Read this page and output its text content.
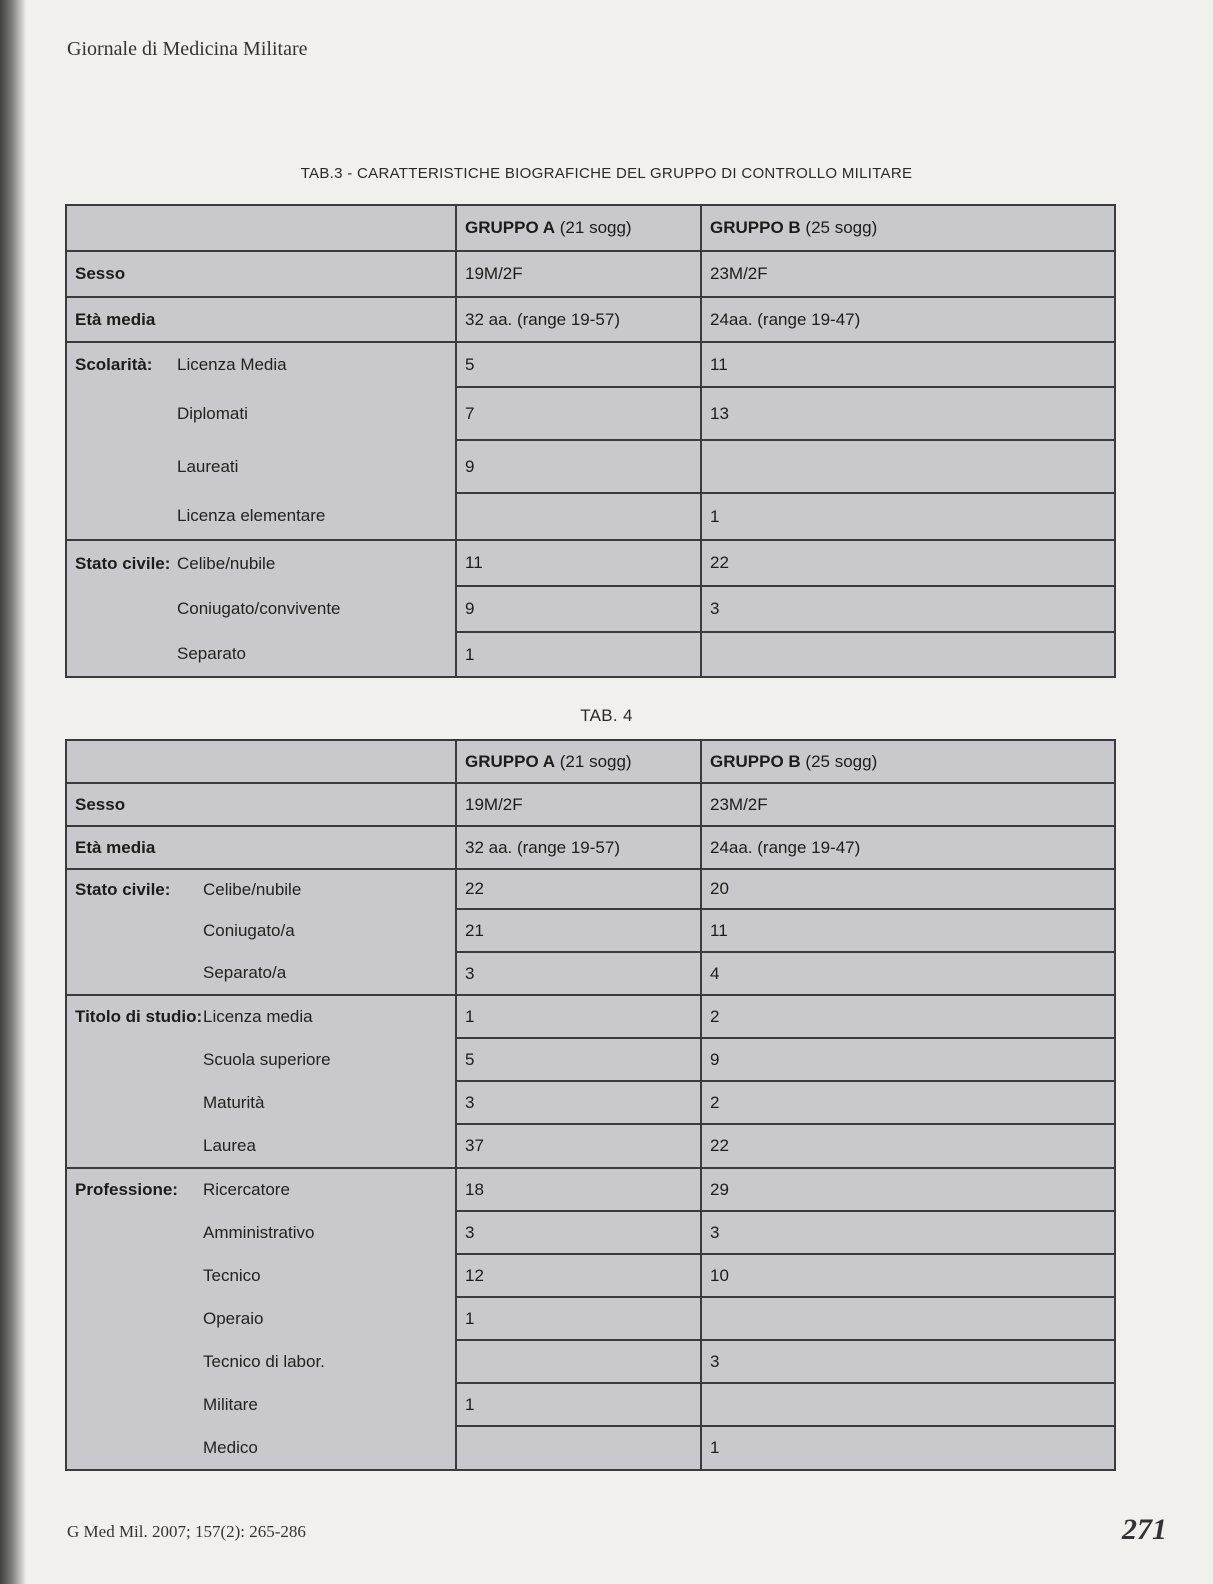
Giornale di Medicina Militare
TAB.3 - CARATTERISTICHE BIOGRAFICHE DEL GRUPPO DI CONTROLLO MILITARE
	GRUPPO A (21 sogg)	GRUPPO B (25 sogg)
Sesso	19M/2F	23M/2F
Età media	32 aa. (range 19-57)	24aa. (range 19-47)
Scolarità: Licenza Media	5	11
Diplomati	7	13
Laureati	9	
Licenza elementare		1
Stato civile: Celibe/nubile	11	22
Coniugato/convivente	9	3
Separato	1	
TAB. 4
	GRUPPO A (21 sogg)	GRUPPO B (25 sogg)
Sesso	19M/2F	23M/2F
Età media	32 aa. (range 19-57)	24aa. (range 19-47)
Stato civile: Celibe/nubile	22	20
Coniugato/a	21	11
Separato/a	3	4
Titolo di studio:Licenza media	1	2
Scuola superiore	5	9
Maturità	3	2
Laurea	37	22
Professione: Ricercatore	18	29
Amministrativo	3	3
Tecnico	12	10
Operaio	1	
Tecnico di labor.		3
Militare	1	
Medico		1
G Med Mil. 2007; 157(2): 265-286	271
